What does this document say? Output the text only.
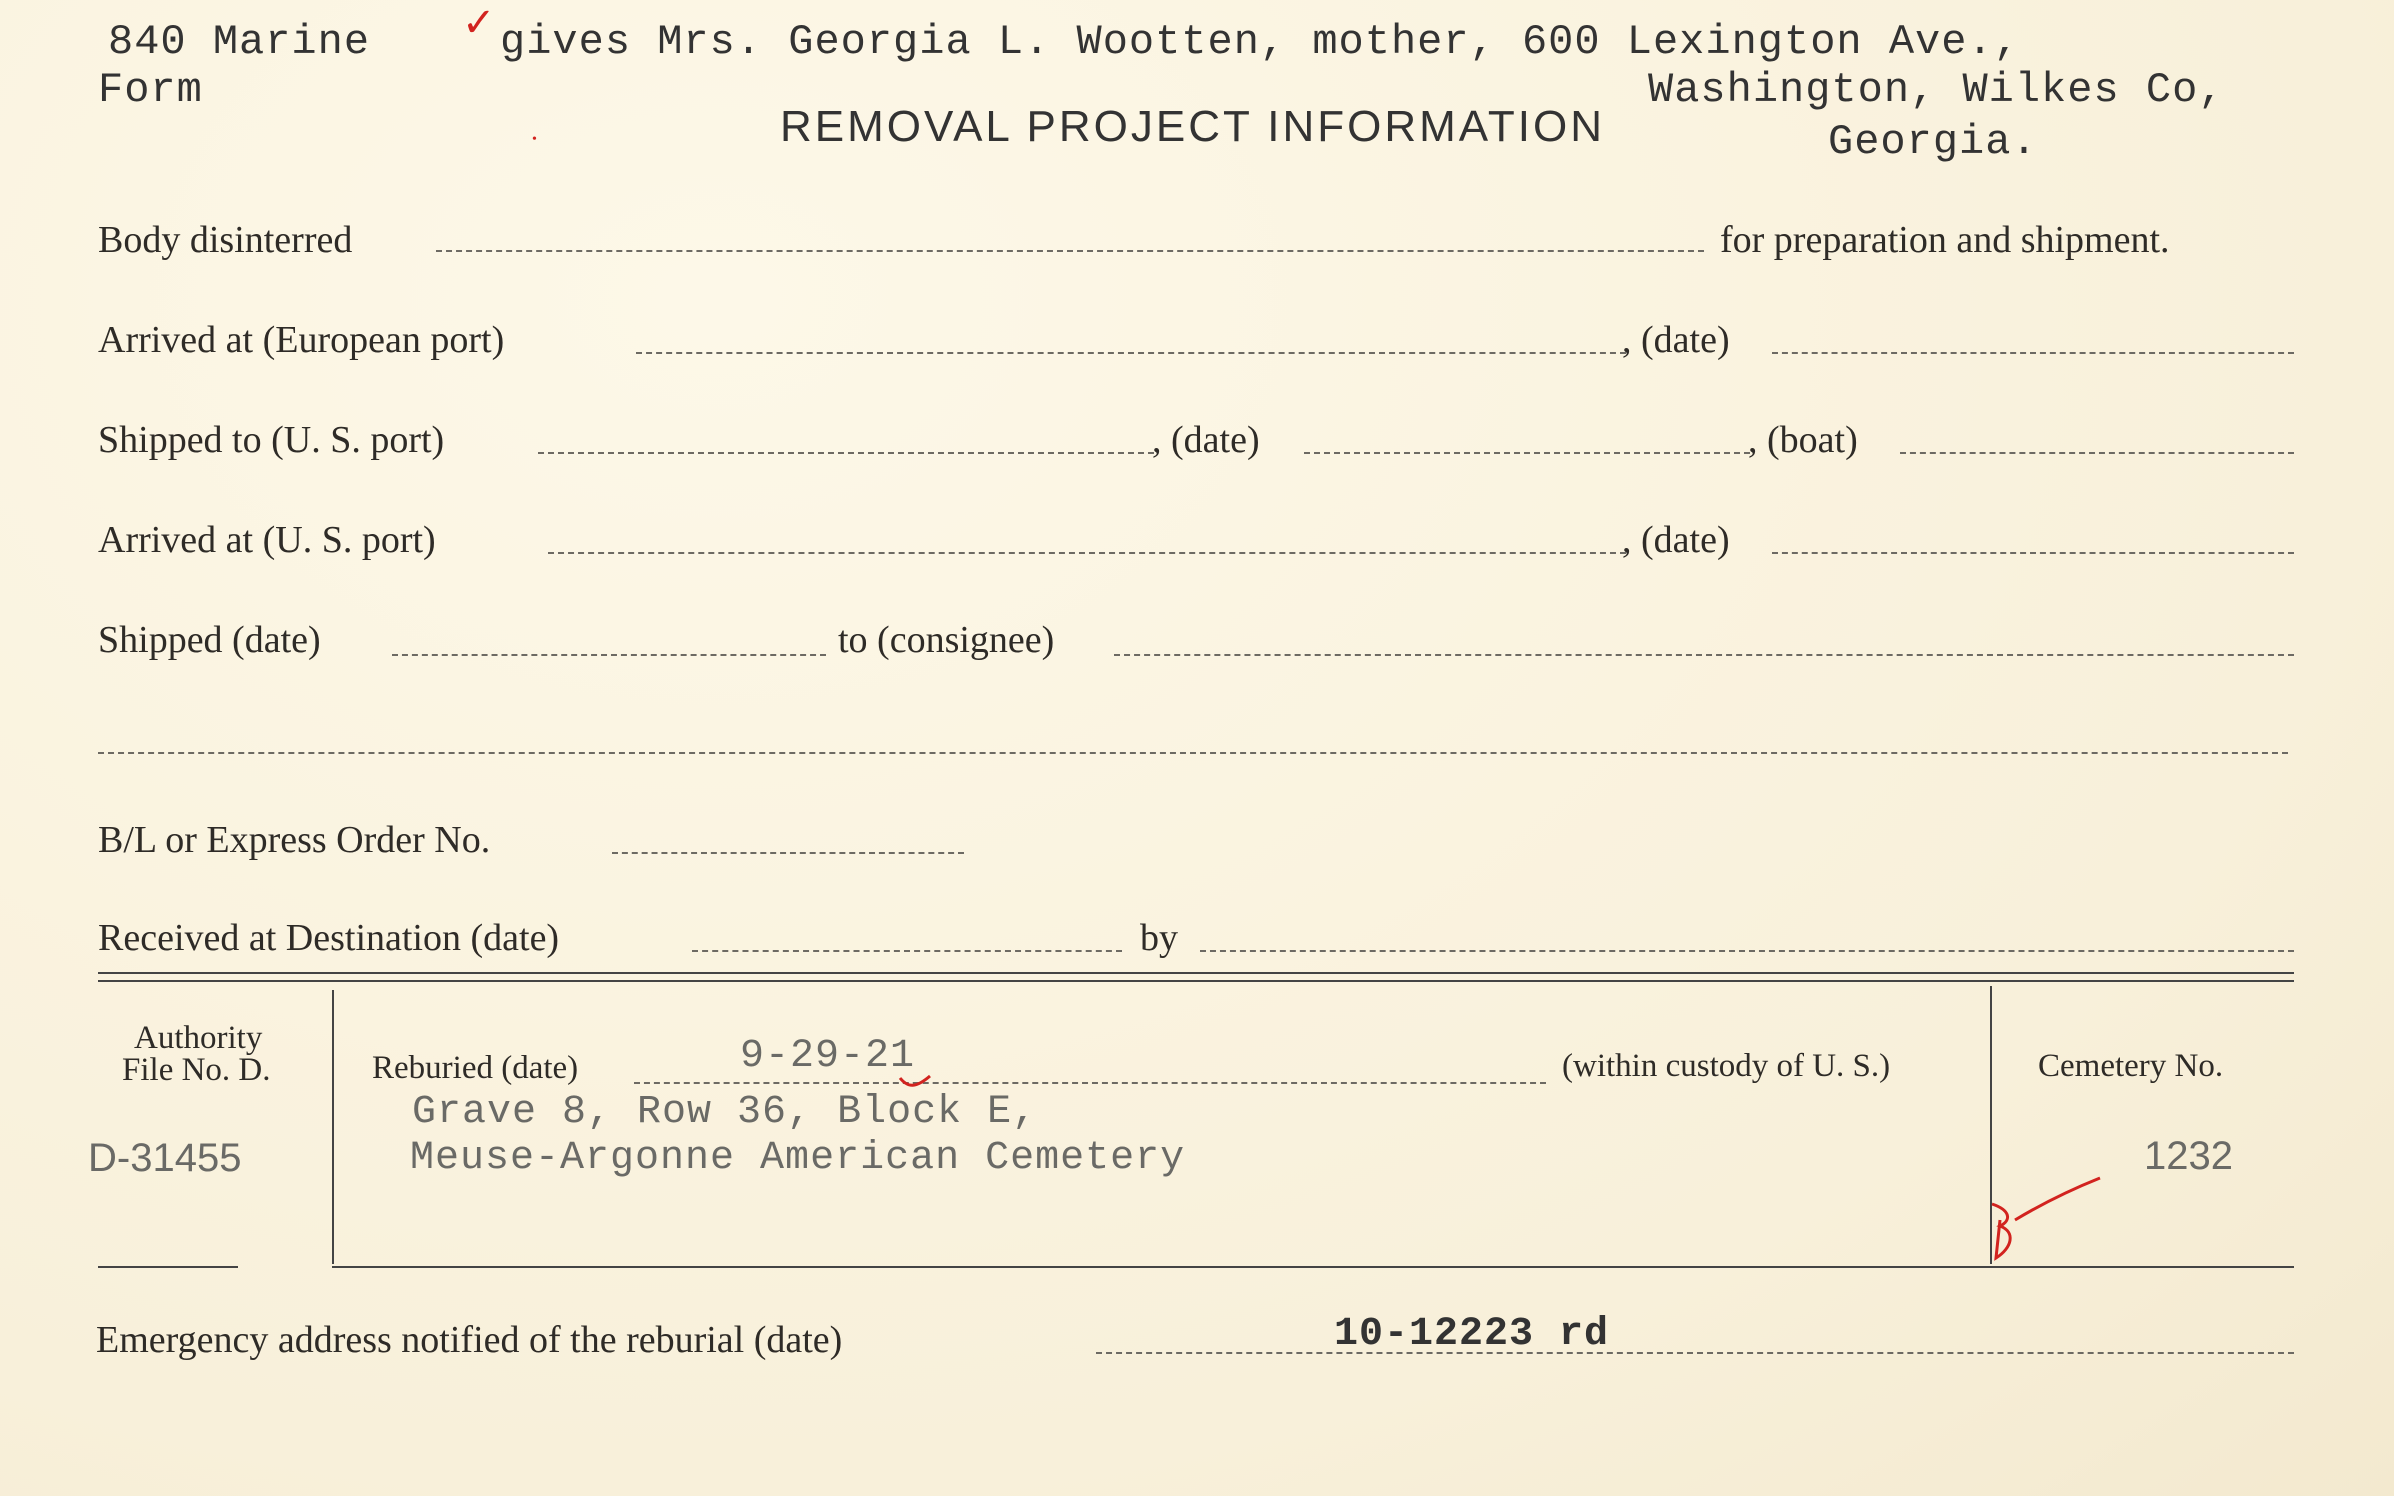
840 Marine
Form
✓ gives Mrs. Georgia L. Wootten, mother, 600 Lexington Ave.,
Washington, Wilkes Co,
Georgia.
REMOVAL PROJECT INFORMATION
•
Body disinterred	for preparation and shipment.
Arrived at (European port)	, (date)
Shipped to (U. S. port)	, (date)	, (boat)
Arrived at (U. S. port)	, (date)
Shipped (date)	to (consignee)
B/L or Express Order No.
Received at Destination (date)	by
Authority
File No. D.
D-31455
Reburied (date)	9-29-21	(within custody of U. S.)
Grave 8, Row 36, Block E,
Meuse-Argonne American Cemetery
Cemetery No.
1232
Emergency address notified of the reburial (date)	10-12223 rd
